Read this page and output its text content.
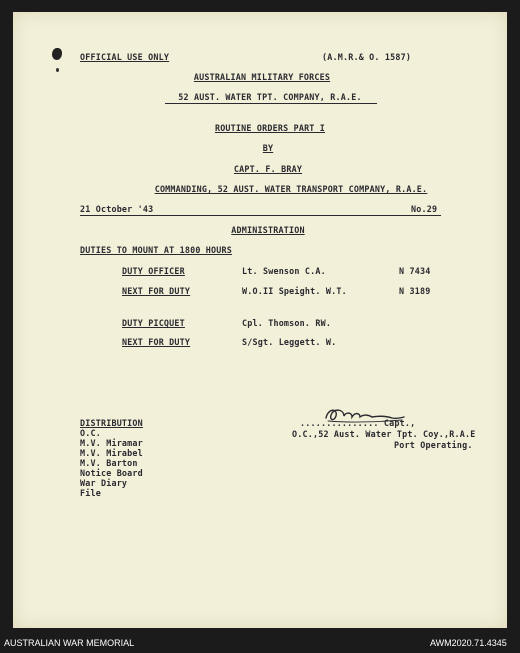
OFFICIAL USE ONLY	(A.M.R.& O. 1587)
AUSTRALIAN MILITARY FORCES
52 AUST. WATER TPT. COMPANY, R.A.E.
ROUTINE ORDERS PART I
BY
CAPT. F. BRAY
COMMANDING, 52 AUST. WATER TRANSPORT COMPANY, R.A.E.
21 October '43	No.29
ADMINISTRATION
DUTIES TO MOUNT AT 1800 HOURS
DUTY OFFICER	Lt. Swenson C.A.	N 7434
NEXT FOR DUTY	W.O.II Speight. W.T.	N 3189
DUTY PICQUET	Cpl. Thomson. RW.
NEXT FOR DUTY	S/Sgt. Leggett. W.
DISTRIBUTION
O.C.
M.V. Miramar
M.V. Mirabel
M.V. Barton
Notice Board
War Diary
File
............... Capt.,
O.C.,52 Aust. Water Tpt. Coy.,R.A.E
Port Operating.
AUSTRALIAN WAR MEMORIAL	AWM2020.71.4345
